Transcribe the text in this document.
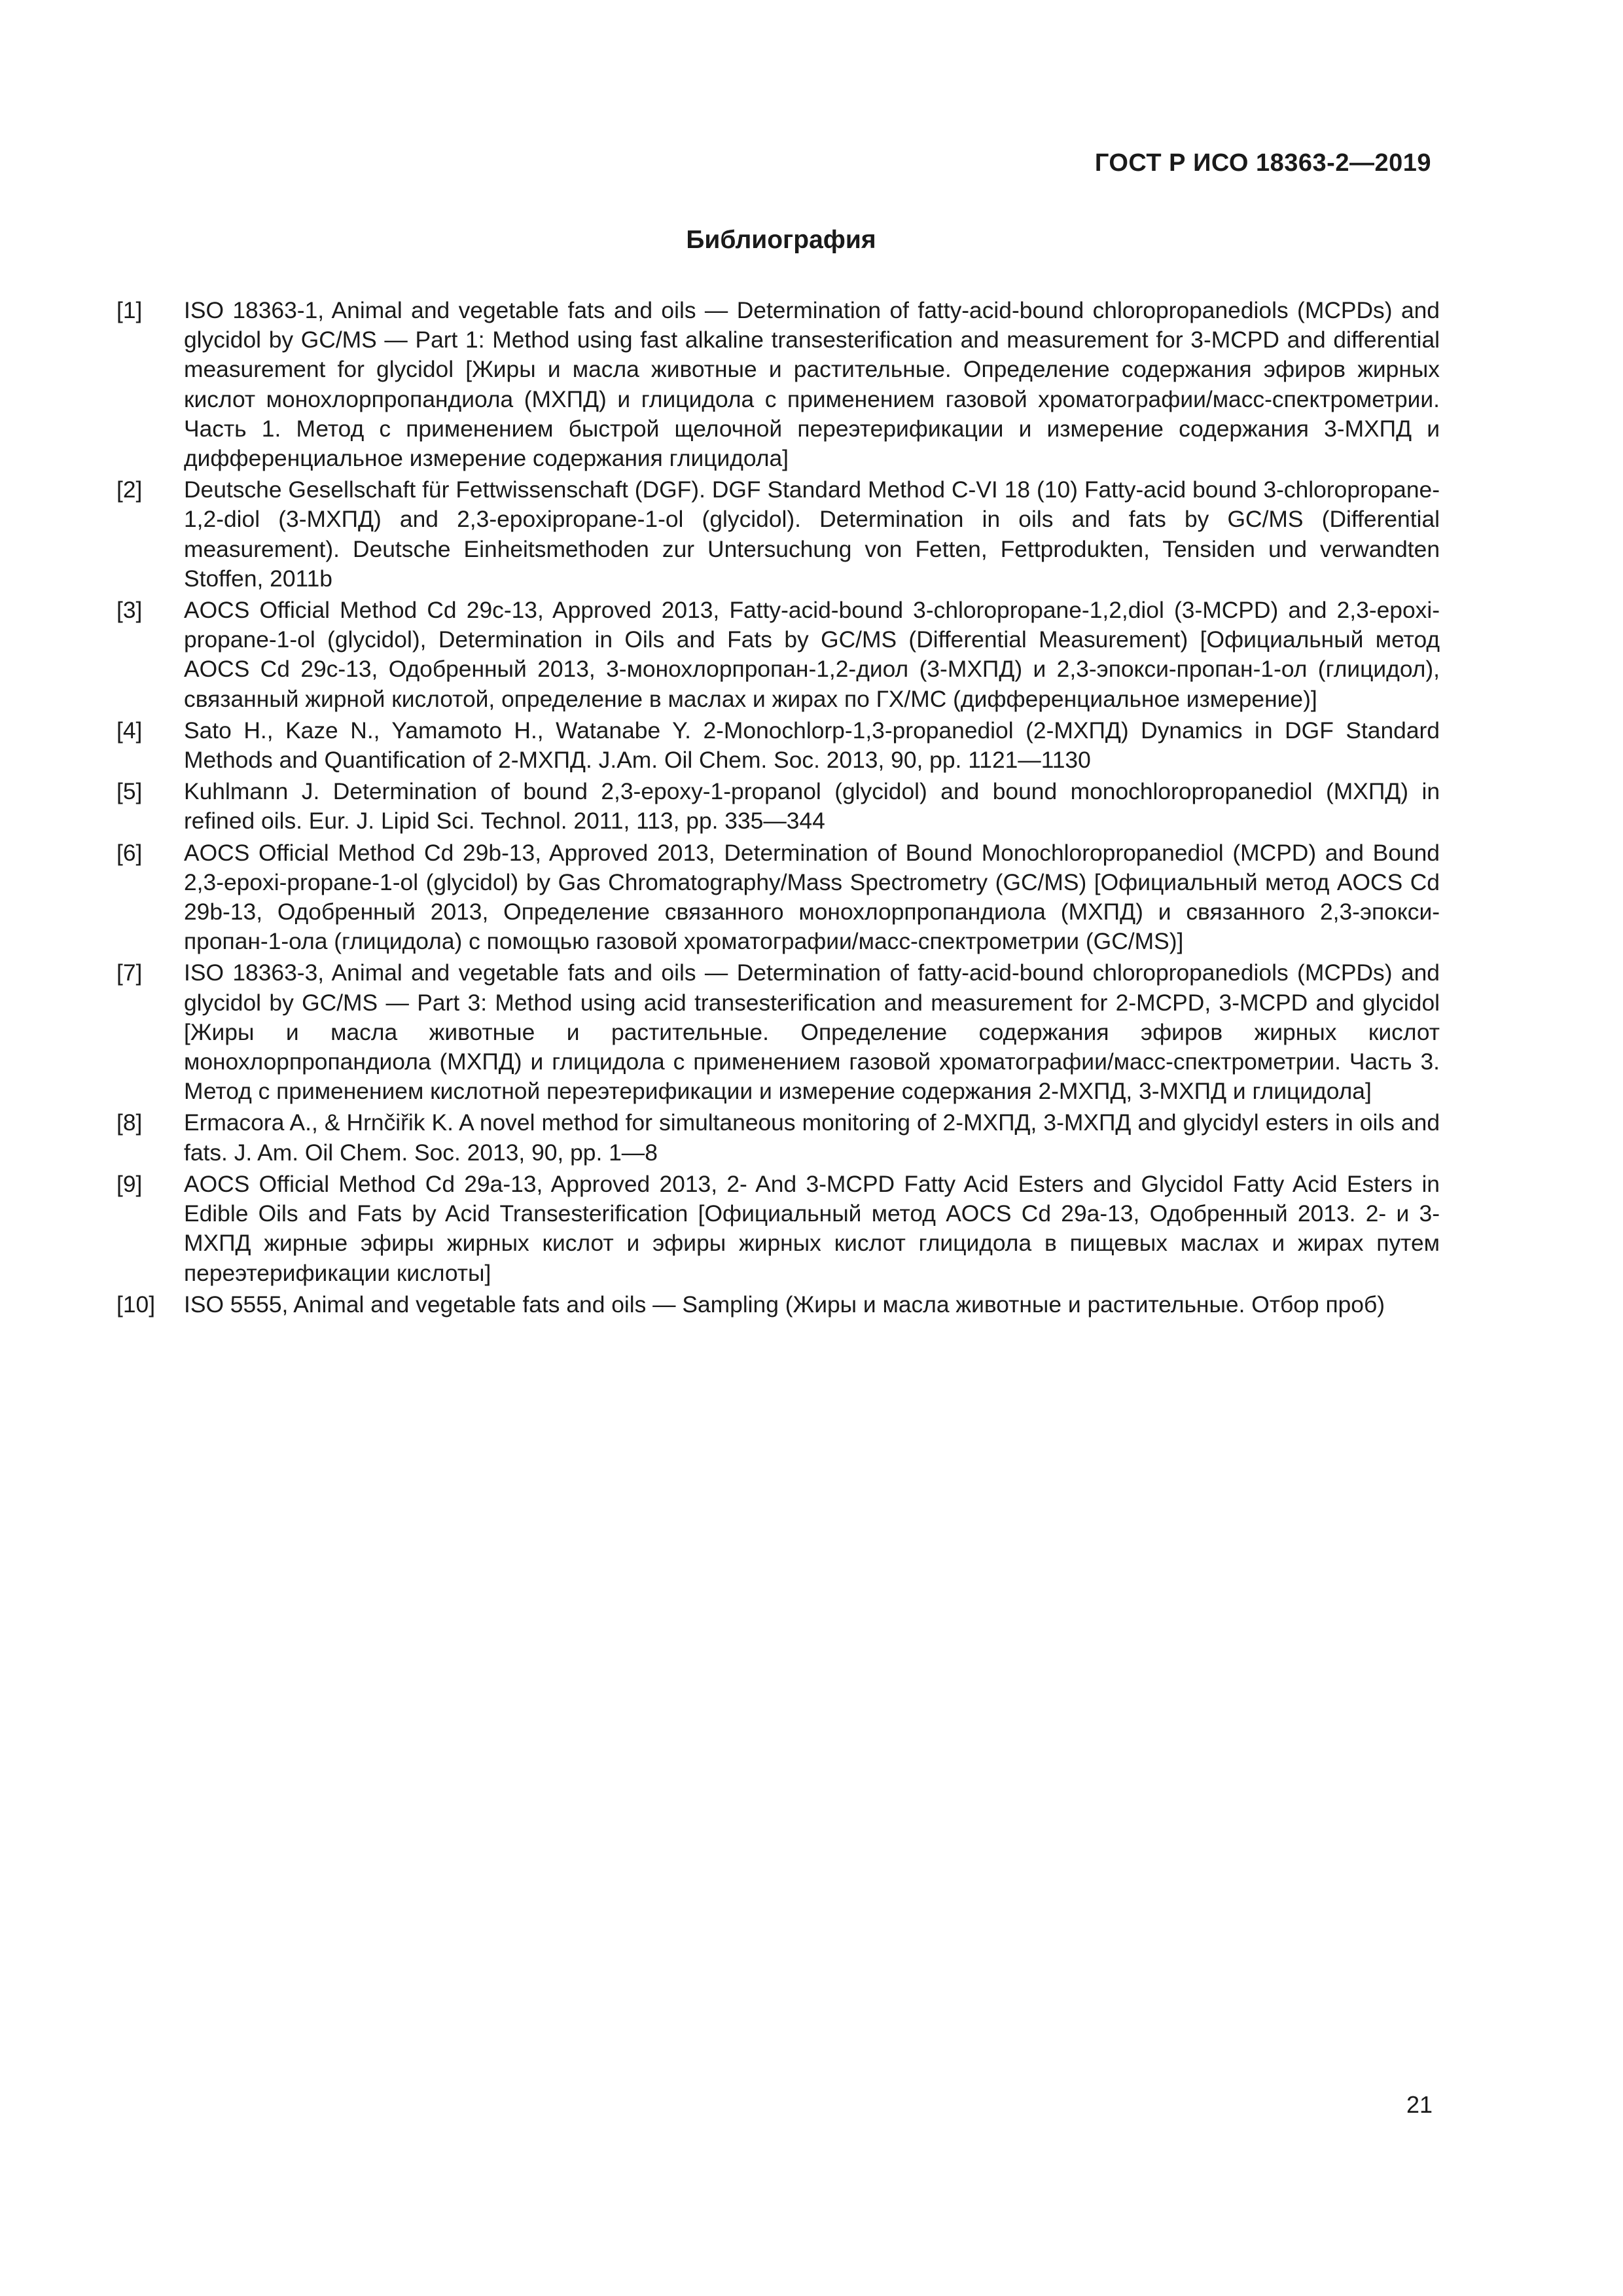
ГОСТ Р ИСО 18363-2—2019
Библиография
[1]	ISO 18363-1, Animal and vegetable fats and oils — Determination of fatty-acid-bound chloropropanediols (MCPDs) and glycidol by GC/MS — Part 1: Method using fast alkaline transesterification and measurement for 3-MCPD and differential measurement for glycidol [Жиры и масла животные и растительные. Определение содержания эфиров жирных кислот монохлорпропандиола (МХПД) и глицидола с применением газовой хроматографии/масс-спектрометрии. Часть 1. Метод с применением быстрой щелочной переэтерификации и измерение содержания 3-МХПД и дифференциальное измерение содержания глицидола]
[2]	Deutsche Gesellschaft für Fettwissenschaft (DGF). DGF Standard Method C-VI 18 (10) Fatty-acid bound 3-chloropropane-1,2-diol (3-МХПД) and 2,3-epoxipropane-1-ol (glycidol). Determination in oils and fats by GC/MS (Differential measurement). Deutsche Einheitsmethoden zur Untersuchung von Fetten, Fettprodukten, Tensiden und verwandten Stoffen, 2011b
[3]	AOCS Official Method Cd 29c-13, Approved 2013, Fatty-acid-bound 3-chloropropane-1,2,diol (3-MCPD) and 2,3-epoxi-propane-1-ol (glycidol), Determination in Oils and Fats by GC/MS (Differential Measurement) [Официальный метод AOCS Cd 29c-13, Одобренный 2013, 3-монохлорпропан-1,2-диол (3-МХПД) и 2,3-эпокси-пропан-1-ол (глицидол), связанный жирной кислотой, определение в маслах и жирах по ГХ/МС (дифференциальное измерение)]
[4]	Sato H., Kaze N., Yamamoto H., Watanabe Y. 2-Monochlorp-1,3-propanediol (2-МХПД) Dynamics in DGF Standard Methods and Quantification of 2-МХПД. J.Am. Oil Chem. Soc. 2013, 90, pp. 1121—1130
[5]	Kuhlmann J. Determination of bound 2,3-epoxy-1-propanol (glycidol) and bound monochloropropanediol (МХПД) in refined oils. Eur. J. Lipid Sci. Technol. 2011, 113, pp. 335—344
[6]	AOCS Official Method Cd 29b-13, Approved 2013, Determination of Bound Monochloropropanediol (MCPD) and Bound 2,3-epoxi-propane-1-ol (glycidol) by Gas Chromatography/Mass Spectrometry (GC/MS) [Официальный метод AOCS Cd 29b-13, Одобренный 2013, Определение связанного монохлорпропандиола (МХПД) и связанного 2,3-эпокси-пропан-1-ола (глицидола) с помощью газовой хроматографии/масс-спектрометрии (GC/MS)]
[7]	ISO 18363-3, Animal and vegetable fats and oils — Determination of fatty-acid-bound chloropropanediols (MCPDs) and glycidol by GC/MS — Part 3: Method using acid transesterification and measurement for 2-MCPD, 3-MCPD and glycidol [Жиры и масла животные и растительные. Определение содержания эфиров жирных кислот монохлорпропандиола (МХПД) и глицидола с применением газовой хроматографии/масс-спектрометрии. Часть 3. Метод с применением кислотной переэтерификации и измерение содержания 2-МХПД, 3-МХПД и глицидола]
[8]	Ermacora A., & Hrnčiřik K. A novel method for simultaneous monitoring of 2-МХПД, 3-МХПД and glycidyl esters in oils and fats. J. Am. Oil Chem. Soc. 2013, 90, pp. 1—8
[9]	AOCS Official Method Cd 29a-13, Approved 2013, 2- And 3-MCPD Fatty Acid Esters and Glycidol Fatty Acid Esters in Edible Oils and Fats by Acid Transesterification [Официальный метод AOCS Cd 29a-13, Одобренный 2013. 2- и 3-МХПД жирные эфиры жирных кислот и эфиры жирных кислот глицидола в пищевых маслах и жирах путем переэтерификации кислоты]
[10]	ISO 5555, Animal and vegetable fats and oils — Sampling (Жиры и масла животные и растительные. Отбор проб)
21
